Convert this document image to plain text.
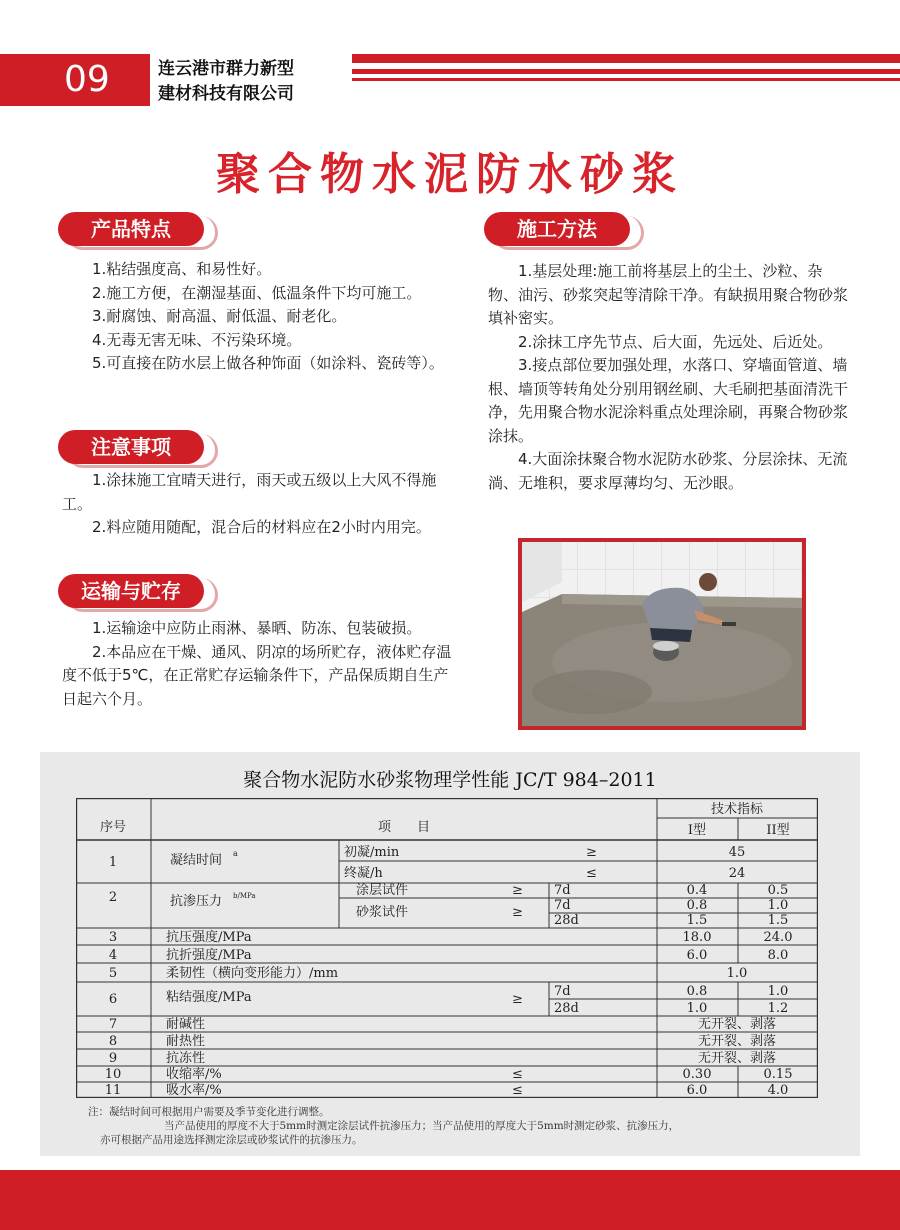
09	连云港市群力新型
建材科技有限公司
聚合物水泥防水砂浆
产品特点

1.粘结强度高、和易性好。

2.施工方便，在潮湿基面、低温条件下均可施工。

3.耐腐蚀、耐高温、耐低温、耐老化。

4.无毒无害无味、不污染环境。

5.可直接在防水层上做各种饰面（如涂料、瓷砖等）。

注意事项

1.涂抹施工宜晴天进行，雨天或五级以上大风不得施工。

2.料应随用随配，混合后的材料应在2小时内用完。

运输与贮存

1.运输途中应防止雨淋、暴晒、防冻、包装破损。

2.本品应在干燥、通风、阴凉的场所贮存，液体贮存温度不低于5℃，在正常贮存运输条件下，产品保质期自生产日起六个月。

施工方法

1.基层处理:施工前将基层上的尘土、沙粒、杂物、油污、砂浆突起等清除干净。有缺损用聚合物砂浆填补密实。

2.涂抹工序先节点、后大面，先远处、后近处。

3.接点部位要加强处理，水落口、穿墙面管道、墙根、墙顶等转角处分别用钢丝刷、大毛刷把基面清洗干净，先用聚合物水泥涂料重点处理涂刷，再聚合物砂浆涂抹。

4.大面涂抹聚合物水泥防水砂浆、分层涂抹、无流淌、无堆积，要求厚薄均匀、无沙眼。

聚合物水泥防水砂浆物理学性能 JC/T 984–2011
序号	项　　目
技术指标
I型	II型
1	凝结时间 a	初凝/min	≥	45
终凝/h	≤	24
2	抗渗压力 b/MPa	涂层试件	≥ 7d	0.4	0.5
砂浆试件	≥ 7d	0.8	1.0
28d	1.5	1.5
3	抗压强度/MPa	18.0	24.0
4	抗折强度/MPa	6.0	8.0
5	柔韧性（横向变形能力）/mm	1.0
6	粘结强度/MPa	≥
7d	0.8	1.0
28d	1.0	1.2
7	耐碱性	无开裂、剥落
8	耐热性	无开裂、剥落
9	抗冻性	无开裂、剥落
10	收缩率/%	≤	0.30	0.15
11	吸水率/%	≤	6.0	4.0
注：凝结时间可根据用户需要及季节变化进行调整。
当产品使用的厚度不大于5mm时测定涂层试件抗渗压力；当产品使用的厚度大于5mm时测定砂浆、抗渗压力，
亦可根据产品用途选择测定涂层或砂浆试件的抗渗压力。
